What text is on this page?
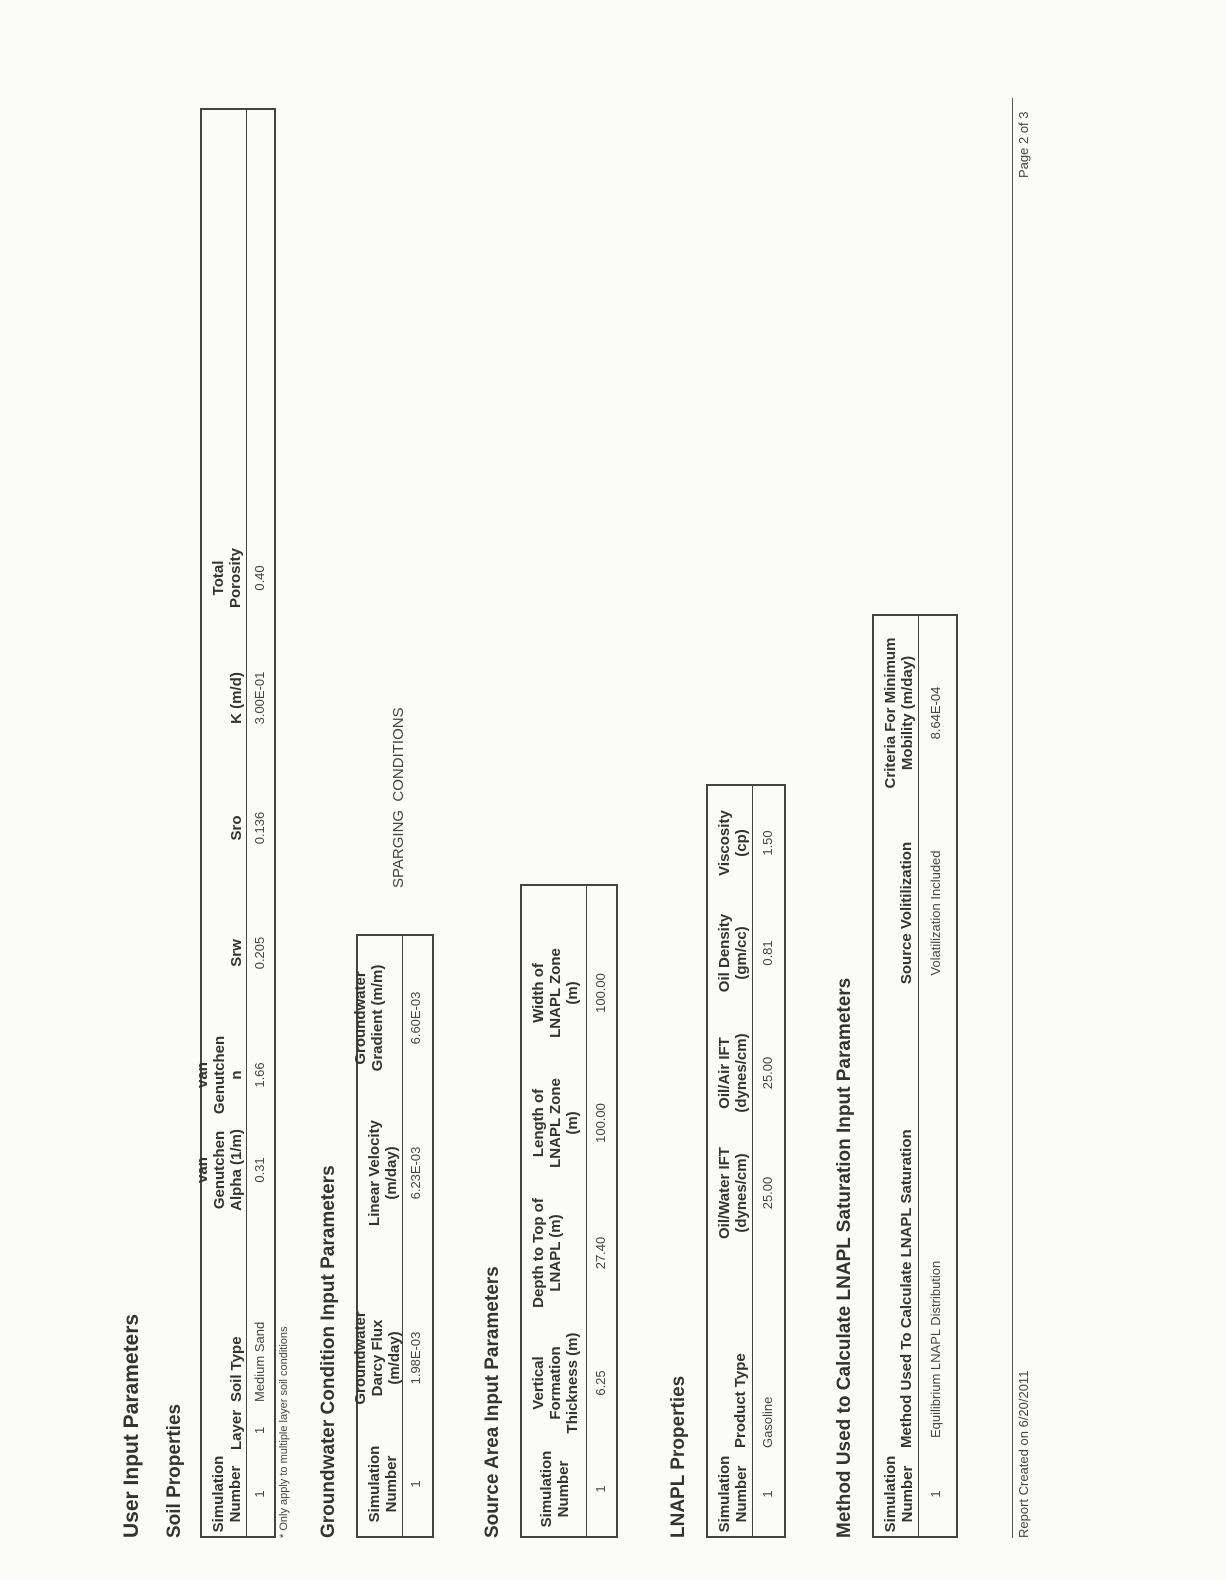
User Input Parameters Soil Properties Simulation Number
Layer
Soil Type
van Genutchen Alpha (1/m)
van Genutchen n
Srw
Sro
K (m/d)
Total Porosity
1
1
Medium Sand
0.31
1.66
0.205
0.136
3.00E-01
0.40
* Only apply to multiple layer soil conditions Groundwater Condition Input Parameters Simulation Number
Groundwater Darcy Flux (m/day)
Linear Velocity (m/day)
Groundwater Gradient (m/m)
1
1.98E-03
6.23E-03
6.60E-03
SPARGING  CONDITIONS
Source Area Input Parameters Simulation Number
Vertical Formation Thickness (m)
Depth to Top of LNAPL (m)
Length of LNAPL Zone (m)
Width of LNAPL Zone (m)
1
6.25
27.40
100.00
100.00
LNAPL Properties Simulation Number
Product Type
Oil/Water IFT (dynes/cm)
Oil/Air IFT (dynes/cm)
Oil Density (gm/cc)
Viscosity (cp)
1
Gasoline
25.00
25.00
0.81
1.50
Method Used to Calculate LNAPL Saturation Input Parameters Simulation Number
Method Used To Calculate LNAPL Saturation
Source Volitilization
Criteria For Minimum Mobility (m/day)
1
Equilibrium LNAPL Distribution
Volatilization Included
8.64E-04
Report Created on 6/20/2011
Page 2 of 3
